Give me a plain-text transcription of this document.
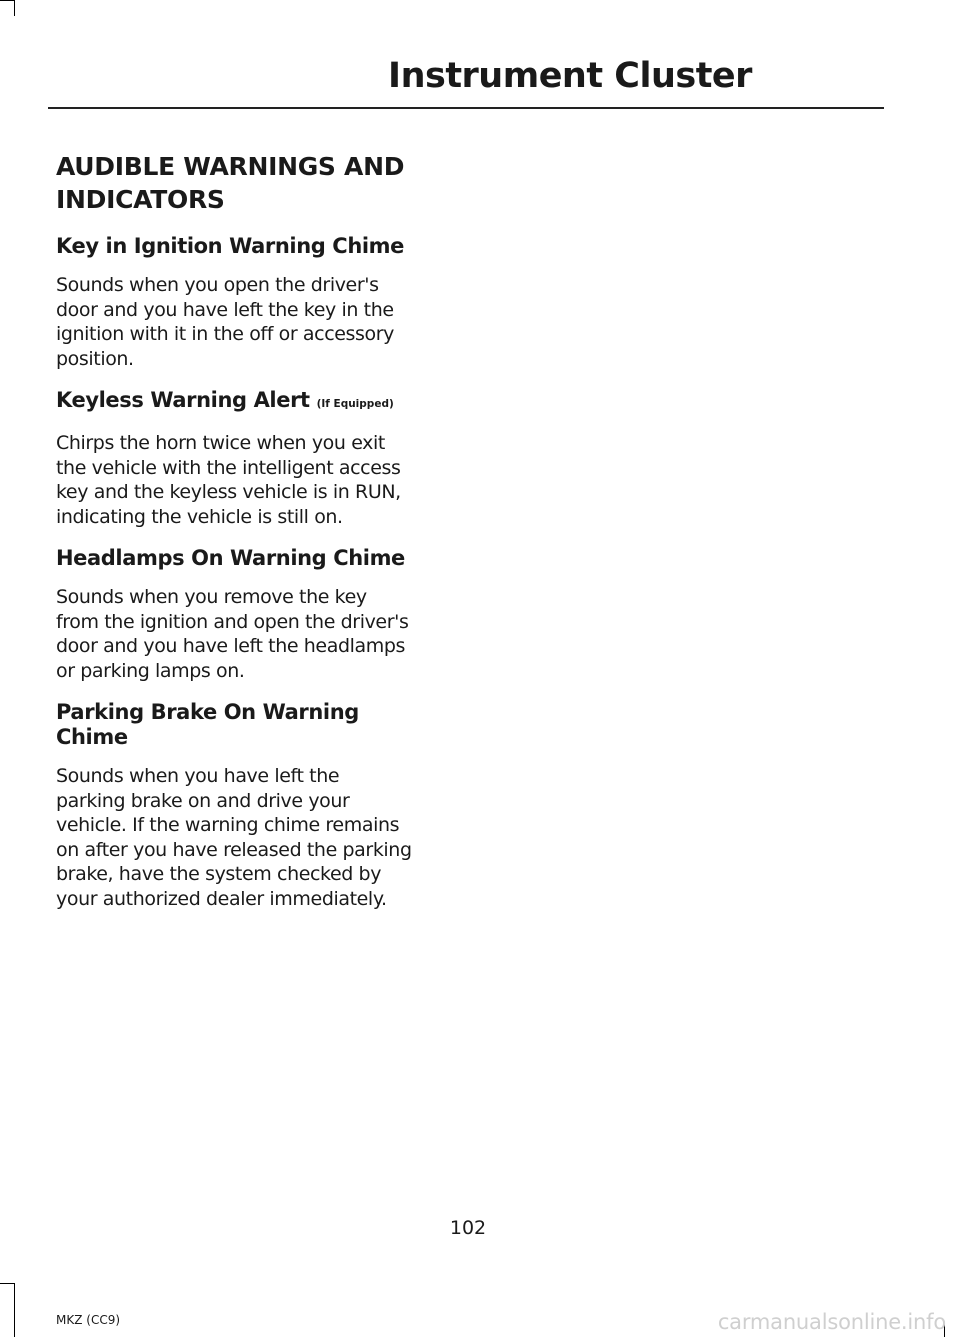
Instrument Cluster
AUDIBLE WARNINGS AND
INDICATORS
Key in Ignition Warning Chime
Sounds when you open the driver's
door and you have left the key in the
ignition with it in the off or accessory
position.
Keyless Warning Alert (If Equipped)
Chirps the horn twice when you exit
the vehicle with the intelligent access
key and the keyless vehicle is in RUN,
indicating the vehicle is still on.
Headlamps On Warning Chime
Sounds when you remove the key
from the ignition and open the driver's
door and you have left the headlamps
or parking lamps on.
Parking Brake On Warning
Chime
Sounds when you have left the
parking brake on and drive your
vehicle. If the warning chime remains
on after you have released the parking
brake, have the system checked by
your authorized dealer immediately.
102
MKZ (CC9)	carmanualsonline.info
